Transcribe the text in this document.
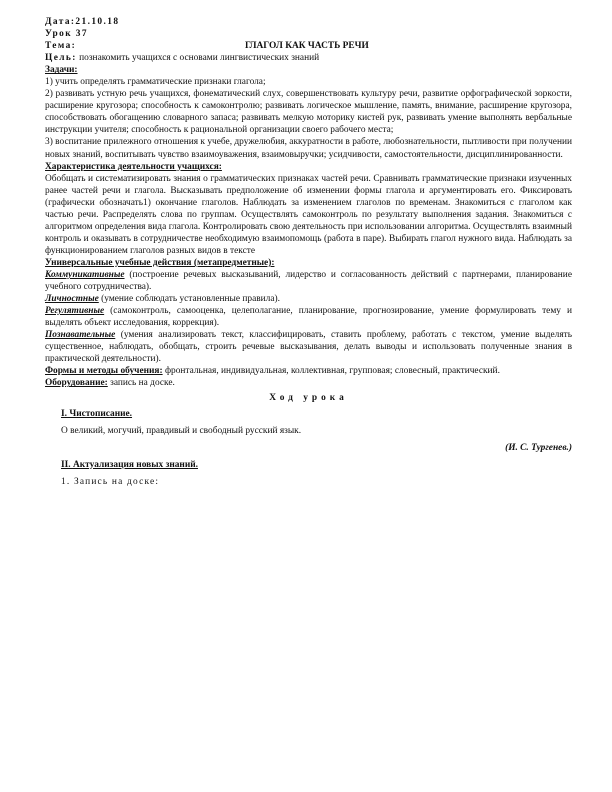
Дата:21.10.18
Урок 37
Тема:	ГЛАГОЛ КАК ЧАСТЬ РЕЧИ
Цель: познакомить учащихся с основами лингвистических знаний
Задачи:

1) учить определять грамматические признаки глагола;

2) развивать устную речь учащихся, фонематический слух, совершенствовать культуру речи, развитие орфографической зоркости, расширение кругозора; способность к самоконтролю; развивать логическое мышление, память, внимание, расширение кругозора, способствовать обогащению словарного запаса; развивать мелкую моторику кистей рук, развивать умение выполнять вербальные инструкции учителя; способность к рациональной организации своего рабочего места;

3) воспитание прилежного отношения к учебе, дружелюбия, аккуратности в работе, любознательности, пытливости при получении новых знаний, воспитывать чувство взаимоуважения, взаимовыручки; усидчивости, самостоятельности, дисциплинированности.

Характеристика деятельности учащихся:

Обобщать и систематизировать знания о грамматических признаках частей речи. Сравнивать грамматические признаки изученных ранее частей речи и глагола. Высказывать предположение об изменении формы глагола и аргументировать его. Фиксировать (графически обозначать1) окончание глаголов. Наблюдать за изменением глаголов по временам. Знакомиться с глаголом как частью речи. Распределять слова по группам. Осуществлять самоконтроль по результату выполнения задания. Знакомиться с алгоритмом определения вида глагола. Контролировать свою деятельность при использовании алгоритма. Осуществлять взаимный контроль и оказывать в сотрудничестве необходимую взаимопомощь (работа в паре). Выбирать глагол нужного вида. Наблюдать за функционированием глаголов разных видов в тексте

Универсальные учебные действия (метапредметные):

Коммуникативные (построение речевых высказываний, лидерство и согласованность действий с партнерами, планирование учебного сотрудничества).

Личностные (умение соблюдать установленные правила).

Регулятивные (самоконтроль, самооценка, целеполагание, планирование, прогнозирование, умение формулировать тему и выделять объект исследования, коррекция).

Познавательные (умения анализировать текст, классифицировать, ставить проблему, работать с текстом, умение выделять существенное, наблюдать, обобщать, строить речевые высказывания, делать выводы и использовать полученные знания в практической деятельности).

Формы и методы обучения: фронтальная, индивидуальная, коллективная, групповая; словесный, практический.

Оборудование: запись на доске.

Ход урока
I. Чистописание.
О великий, могучий, правдивый и свободный русский язык.
(И. С. Тургенев.)
II. Актуализация новых знаний.
1. Запись на доске:
